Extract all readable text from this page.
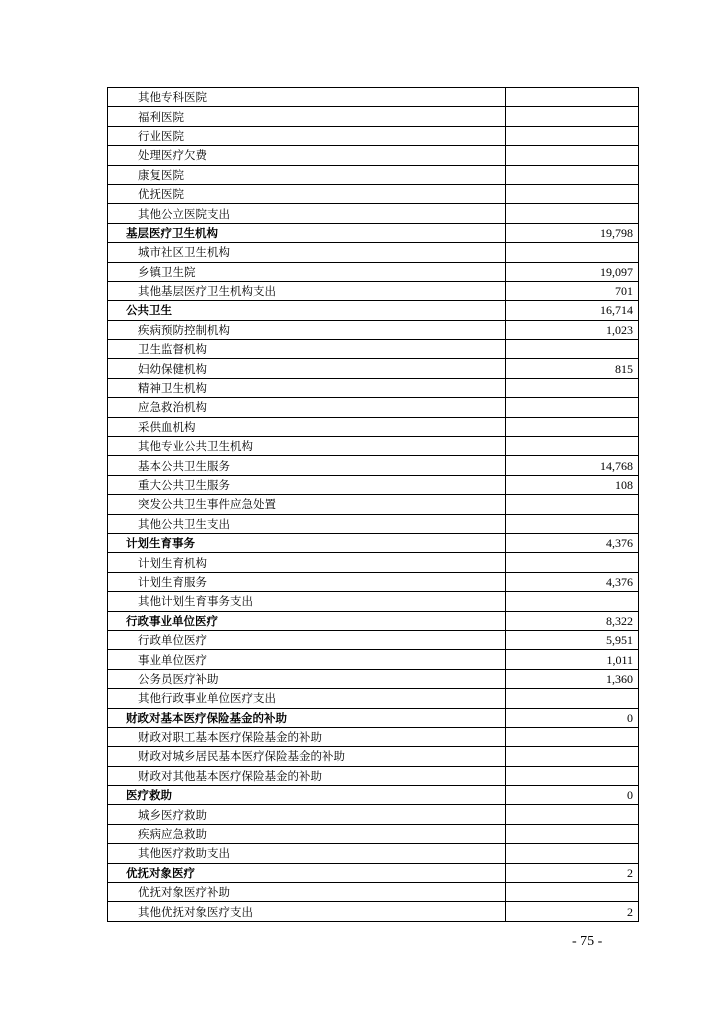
其他专科医院	
福利医院	
行业医院	
处理医疗欠费	
康复医院	
优抚医院	
其他公立医院支出	
基层医疗卫生机构	19,798
城市社区卫生机构	
乡镇卫生院	19,097
其他基层医疗卫生机构支出	701
公共卫生	16,714
疾病预防控制机构	1,023
卫生监督机构	
妇幼保健机构	815
精神卫生机构	
应急救治机构	
采供血机构	
其他专业公共卫生机构	
基本公共卫生服务	14,768
重大公共卫生服务	108
突发公共卫生事件应急处置	
其他公共卫生支出	
计划生育事务	4,376
计划生育机构	
计划生育服务	4,376
其他计划生育事务支出	
行政事业单位医疗	8,322
行政单位医疗	5,951
事业单位医疗	1,011
公务员医疗补助	1,360
其他行政事业单位医疗支出	
财政对基本医疗保险基金的补助	0
财政对职工基本医疗保险基金的补助	
财政对城乡居民基本医疗保险基金的补助	
财政对其他基本医疗保险基金的补助	
医疗救助	0
城乡医疗救助	
疾病应急救助	
其他医疗救助支出	
优抚对象医疗	2
优抚对象医疗补助	
其他优抚对象医疗支出	2
- 75 -
